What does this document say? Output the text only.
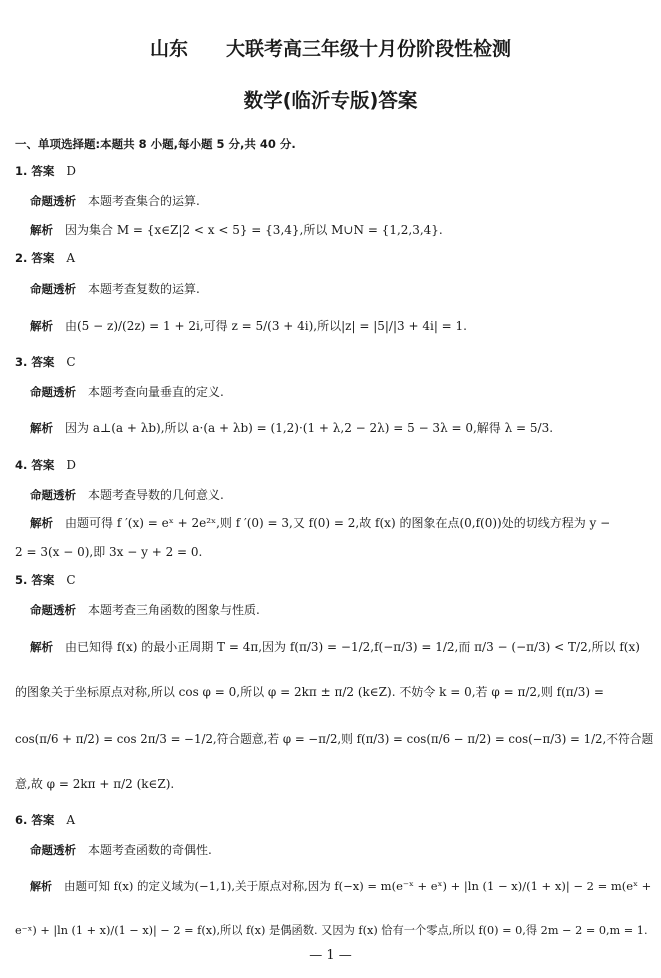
山东　　大联考高三年级十月份阶段性检测
数学(临沂专版)答案
一、单项选择题:本题共 8 小题,每小题 5 分,共 40 分.
1. 答案 D
命题透析 本题考查集合的运算.
解析 因为集合 M = {x∈Z|2 < x < 5} = {3,4},所以 M∪N = {1,2,3,4}.
2. 答案 A
命题透析 本题考查复数的运算.
解析 由(5 − z)/(2z) = 1 + 2i,可得 z = 5/(3 + 4i),所以|z| = |5|/|3 + 4i| = 1.
3. 答案 C
命题透析 本题考查向量垂直的定义.
解析 因为 a⊥(a + λb),所以 a·(a + λb) = (1,2)·(1 + λ,2 − 2λ) = 5 − 3λ = 0,解得 λ = 5/3.
4. 答案 D
命题透析 本题考查导数的几何意义.
解析 由题可得 f ′(x) = eˣ + 2e²ˣ,则 f ′(0) = 3,又 f(0) = 2,故 f(x) 的图象在点(0,f(0))处的切线方程为 y −
2 = 3(x − 0),即 3x − y + 2 = 0.
5. 答案 C
命题透析 本题考查三角函数的图象与性质.
解析 由已知得 f(x) 的最小正周期 T = 4π,因为 f(π/3) = −1/2,f(−π/3) = 1/2,而 π/3 − (−π/3) < T/2,所以 f(x)
的图象关于坐标原点对称,所以 cos φ = 0,所以 φ = 2kπ ± π/2 (k∈Z). 不妨令 k = 0,若 φ = π/2,则 f(π/3) =
cos(π/6 + π/2) = cos 2π/3 = −1/2,符合题意,若 φ = −π/2,则 f(π/3) = cos(π/6 − π/2) = cos(−π/3) = 1/2,不符合题
意,故 φ = 2kπ + π/2 (k∈Z).
6. 答案 A
命题透析 本题考查函数的奇偶性.
解析 由题可知 f(x) 的定义域为(−1,1),关于原点对称,因为 f(−x) = m(e⁻ˣ + eˣ) + |ln (1 − x)/(1 + x)| − 2 = m(eˣ +
e⁻ˣ) + |ln (1 + x)/(1 − x)| − 2 = f(x),所以 f(x) 是偶函数. 又因为 f(x) 恰有一个零点,所以 f(0) = 0,得 2m − 2 = 0,m = 1.
— 1 —
